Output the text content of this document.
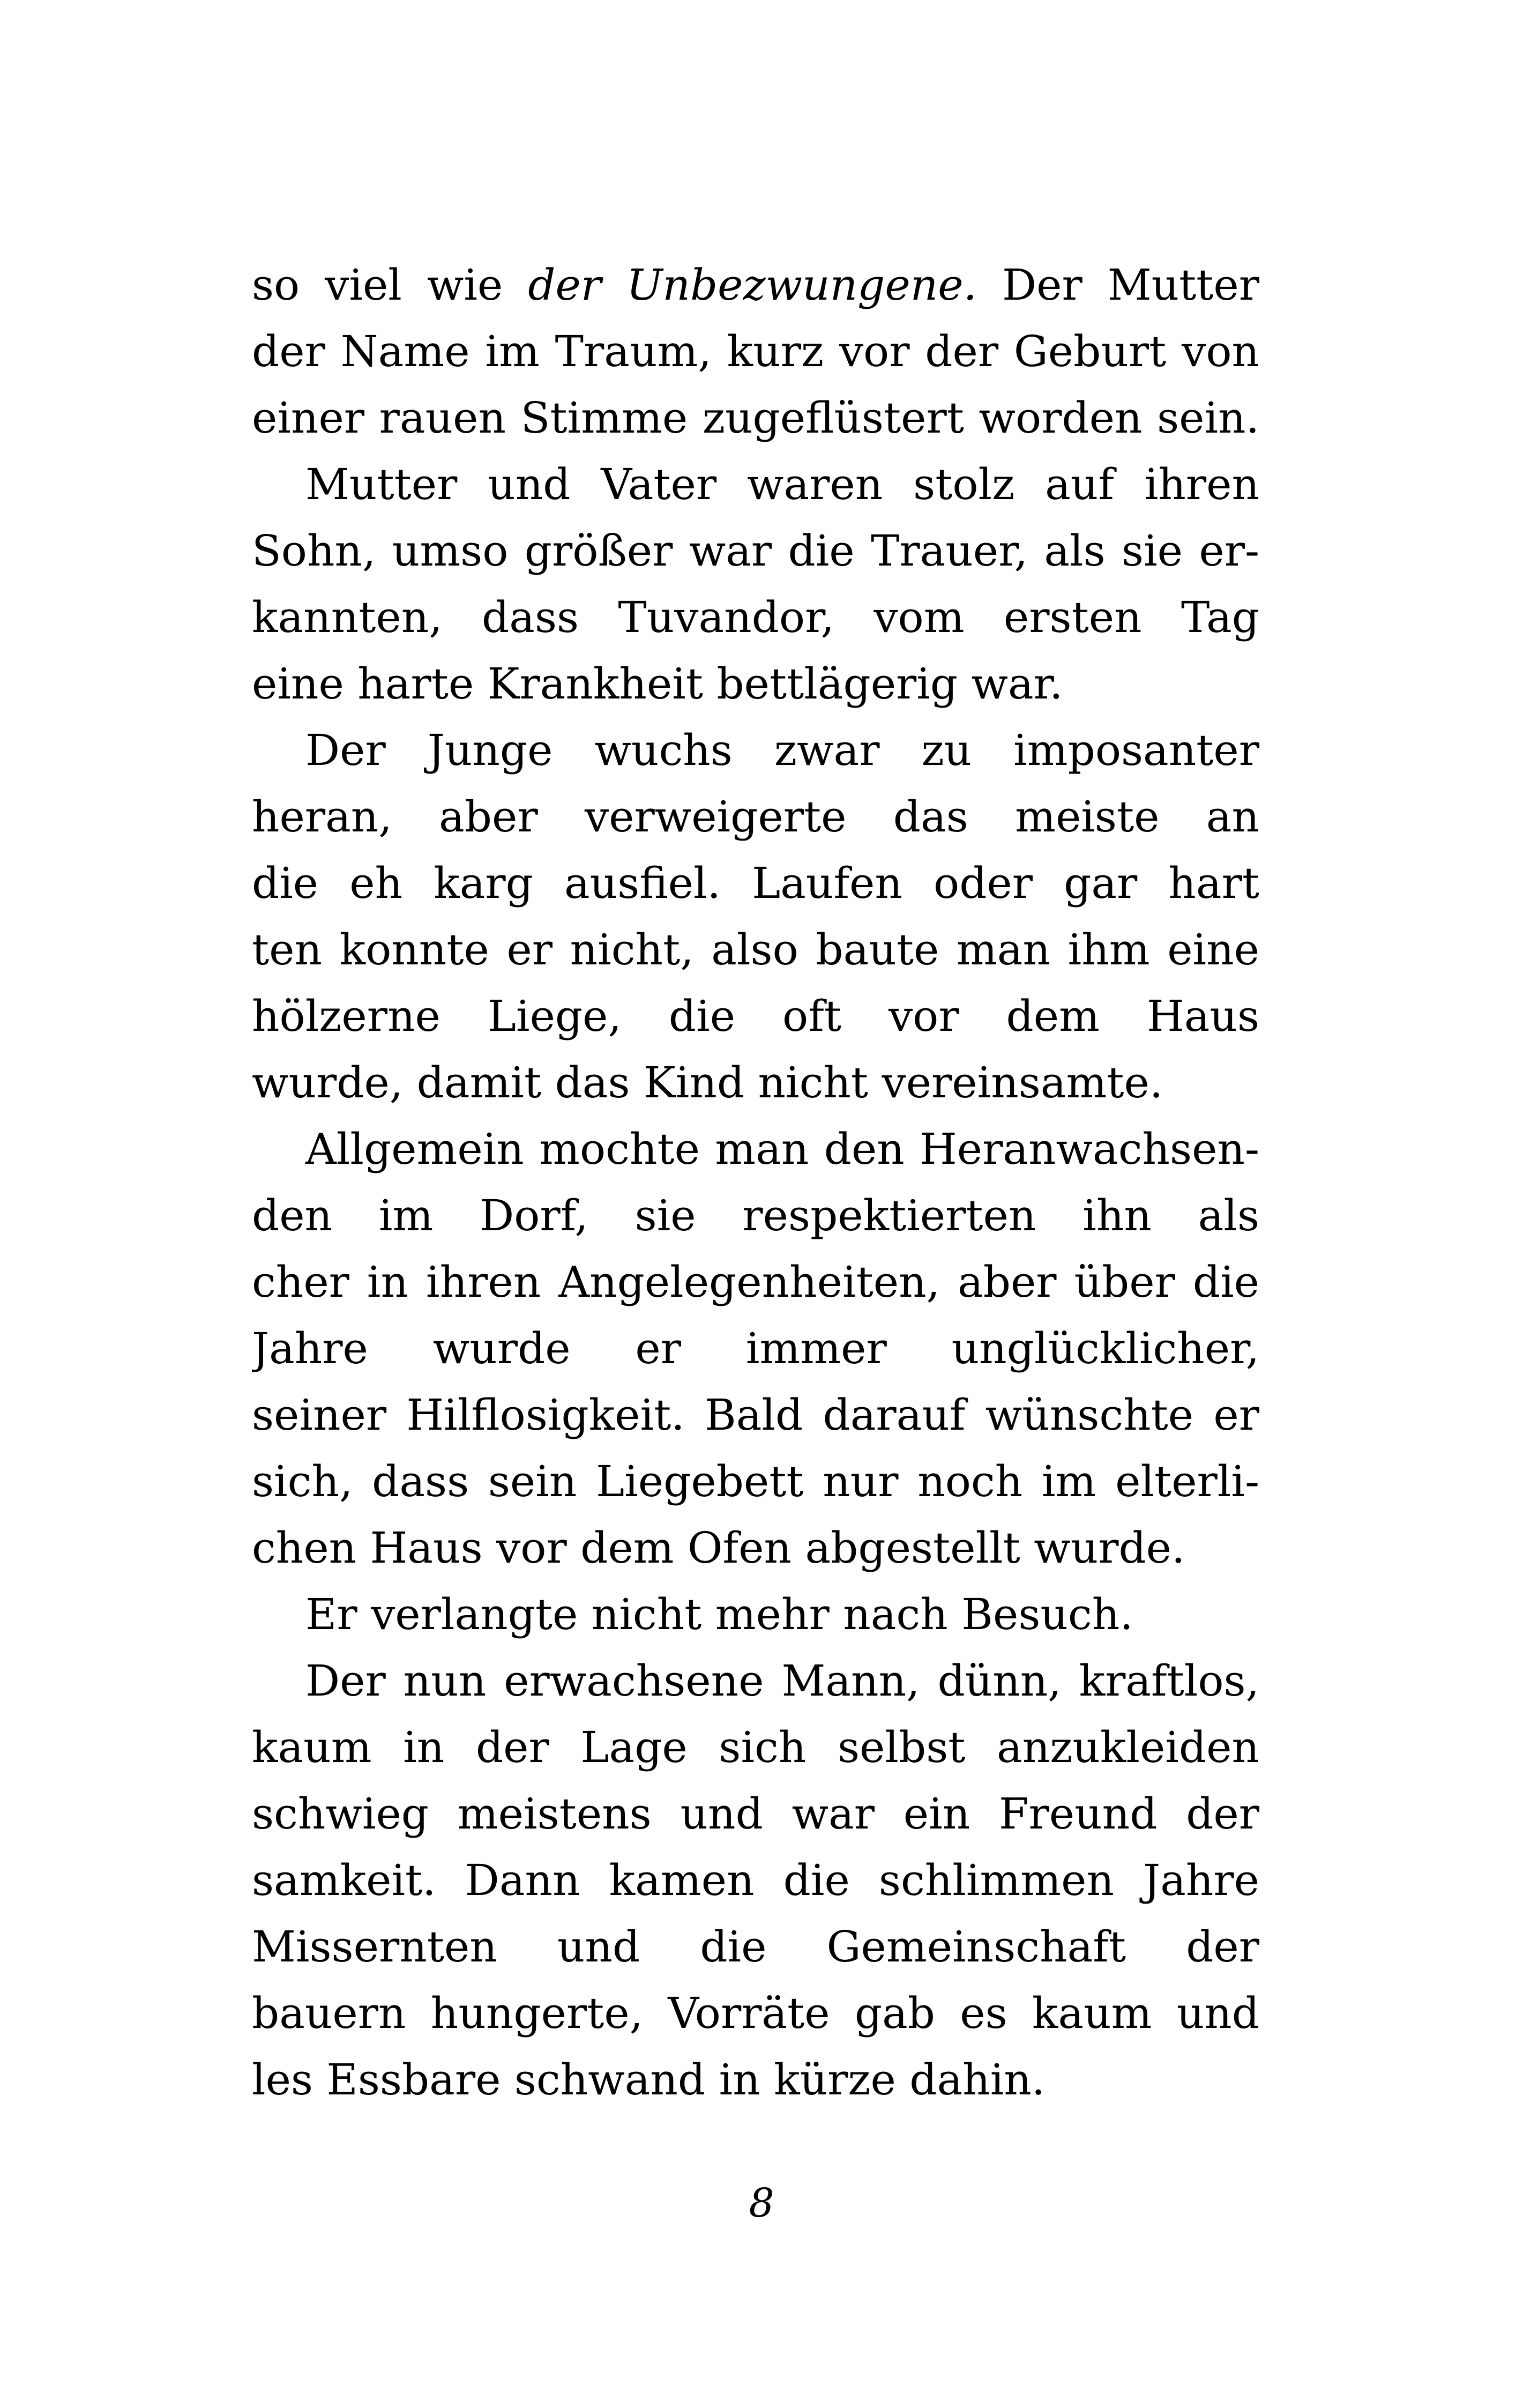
so viel wie der Unbezwungene. Der Mutter
der Name im Traum, kurz vor der Geburt von
einer rauen Stimme zugeflüstert worden sein.

Mutter und Vater waren stolz auf ihren
Sohn, umso größer war die Trauer, als sie er-
kannten, dass Tuvandor, vom ersten Tag
eine harte Krankheit bettlägerig war.

Der Junge wuchs zwar zu imposanter
heran, aber verweigerte das meiste an
die eh karg ausfiel. Laufen oder gar hart
ten konnte er nicht, also baute man ihm eine
hölzerne Liege, die oft vor dem Haus
wurde, damit das Kind nicht vereinsamte.

Allgemein mochte man den Heranwachsen-
den im Dorf, sie respektierten ihn als
cher in ihren Angelegenheiten, aber über die
Jahre wurde er immer unglücklicher,
seiner Hilflosigkeit. Bald darauf wünschte er
sich, dass sein Liegebett nur noch im elterli-
chen Haus vor dem Ofen abgestellt wurde.

Er verlangte nicht mehr nach Besuch.

Der nun erwachsene Mann, dünn, kraftlos,
kaum in der Lage sich selbst anzukleiden
schwieg meistens und war ein Freund der
samkeit. Dann kamen die schlimmen Jahre
Missernten und die Gemeinschaft der
bauern hungerte, Vorräte gab es kaum und
les Essbare schwand in kürze dahin.

8
